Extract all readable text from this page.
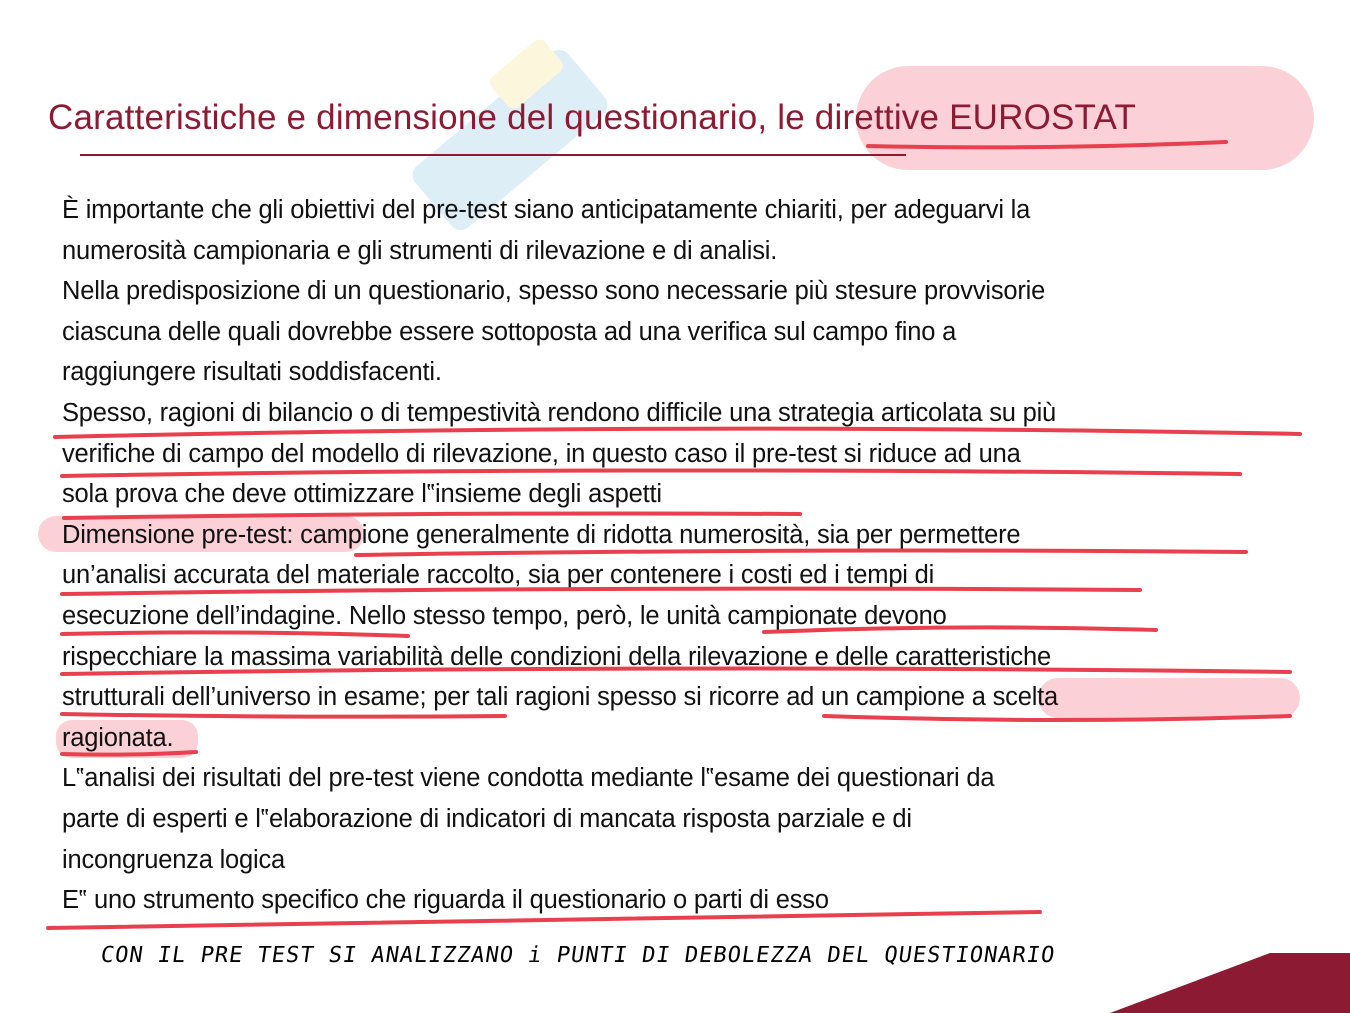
Caratteristiche e dimensione del questionario, le direttive EUROSTAT
È importante che gli obiettivi del pre-test siano anticipatamente chiariti, per adeguarvi la
numerosità campionaria e gli strumenti di rilevazione e di analisi.
Nella predisposizione di un questionario, spesso sono necessarie più stesure provvisorie
ciascuna delle quali dovrebbe essere sottoposta ad una verifica sul campo fino a
raggiungere risultati soddisfacenti.
Spesso, ragioni di bilancio o di tempestività rendono difficile una strategia articolata su più
verifiche di campo del modello di rilevazione, in questo caso il pre-test si riduce ad una
sola prova che deve ottimizzare l‟insieme degli aspetti
Dimensione pre-test: campione generalmente di ridotta numerosità, sia per permettere
un’analisi accurata del materiale raccolto, sia per contenere i costi ed i tempi di
esecuzione dell’indagine. Nello stesso tempo, però, le unità campionate devono
rispecchiare la massima variabilità delle condizioni della rilevazione e delle caratteristiche
strutturali dell’universo in esame; per tali ragioni spesso si ricorre ad un campione a scelta
ragionata.
L‟analisi dei risultati del pre-test viene condotta mediante l‟esame dei questionari da
parte di esperti e l‟elaborazione di indicatori di mancata risposta parziale e di
incongruenza logica
E‟ uno strumento specifico che riguarda il questionario o parti di esso
CON IL PRE TEST SI ANALIZZANO i PUNTI DI DEBOLEZZA DEL QUESTIONARIO
